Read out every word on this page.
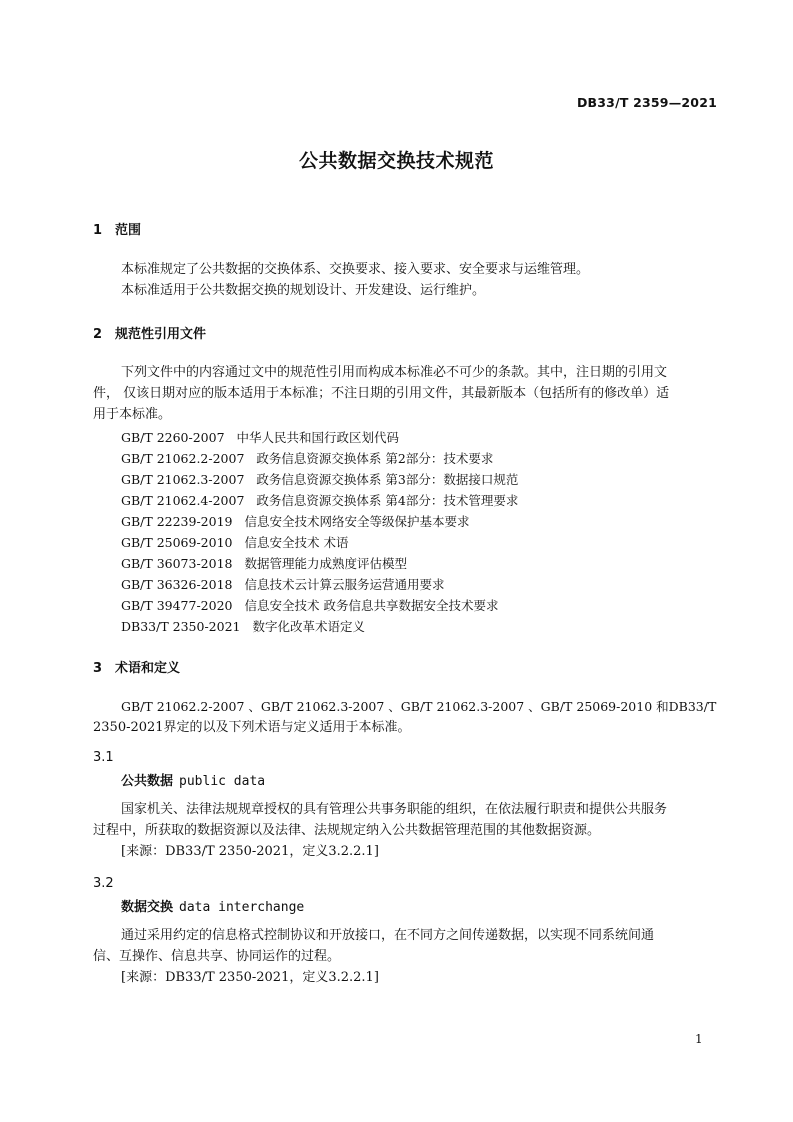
DB33/T 2359—2021
公共数据交换技术规范
1 范围
本标准规定了公共数据的交换体系、交换要求、接入要求、安全要求与运维管理。
本标准适用于公共数据交换的规划设计、开发建设、运行维护。
2 规范性引用文件
下列文件中的内容通过文中的规范性引用而构成本标准必不可少的条款。其中，注日期的引用文
件， 仅该日期对应的版本适用于本标准；不注日期的引用文件，其最新版本（包括所有的修改单）适
用于本标准。
GB/T 2260-2007 中华人民共和国行政区划代码
GB/T 21062.2-2007 政务信息资源交换体系 第2部分：技术要求
GB/T 21062.3-2007 政务信息资源交换体系 第3部分：数据接口规范
GB/T 21062.4-2007 政务信息资源交换体系 第4部分：技术管理要求
GB/T 22239-2019 信息安全技术网络安全等级保护基本要求
GB/T 25069-2010 信息安全技术 术语
GB/T 36073-2018 数据管理能力成熟度评估模型
GB/T 36326-2018 信息技术云计算云服务运营通用要求
GB/T 39477-2020 信息安全技术 政务信息共享数据安全技术要求
DB33/T 2350-2021 数字化改革术语定义
3 术语和定义
GB/T 21062.2-2007 、GB/T 21062.3-2007 、GB/T 21062.3-2007 、GB/T 25069-2010 和DB33/T
2350-2021界定的以及下列术语与定义适用于本标准。
3.1
公共数据 public data
国家机关、法律法规规章授权的具有管理公共事务职能的组织，在依法履行职责和提供公共服务
过程中，所获取的数据资源以及法律、法规规定纳入公共数据管理范围的其他数据资源。
[来源：DB33/T 2350-2021，定义3.2.2.1]
3.2
数据交换 data interchange
通过采用约定的信息格式控制协议和开放接口，在不同方之间传递数据，以实现不同系统间通
信、互操作、信息共享、协同运作的过程。
[来源：DB33/T 2350-2021，定义3.2.2.1]
1
